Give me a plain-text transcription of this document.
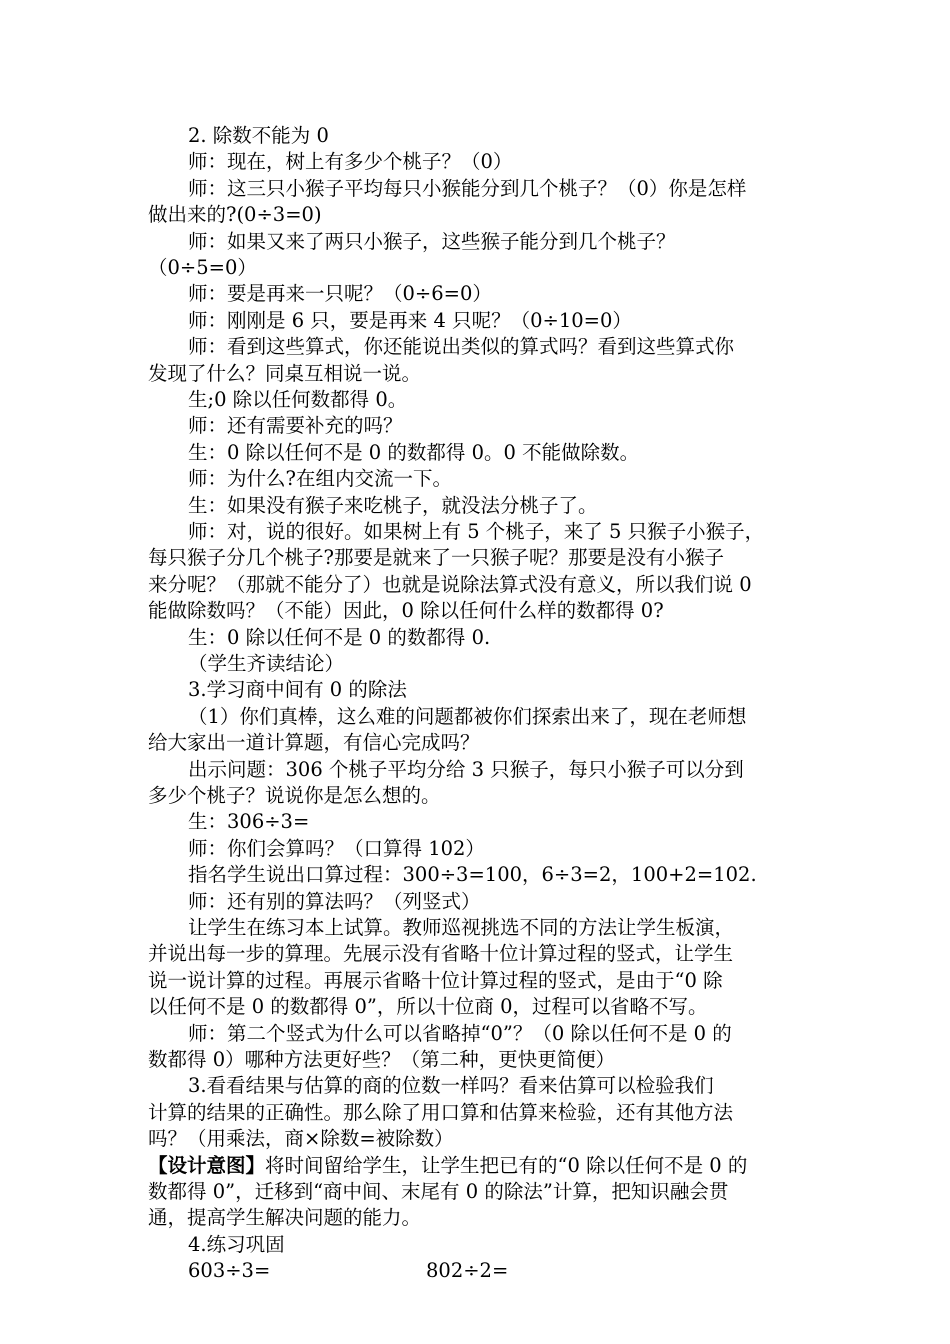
2. 除数不能为 0
师：现在，树上有多少个桃子？（0）
师：这三只小猴子平均每只小猴能分到几个桃子？（0）你是怎样
做出来的?(0÷3=0)
师：如果又来了两只小猴子，这些猴子能分到几个桃子？
（0÷5=0）
师：要是再来一只呢？（0÷6=0）
师：刚刚是 6 只，要是再来 4 只呢？（0÷10=0）
师：看到这些算式，你还能说出类似的算式吗？看到这些算式你
发现了什么？同桌互相说一说。
生;0 除以任何数都得 0。
师：还有需要补充的吗？
生：0 除以任何不是 0 的数都得 0。0 不能做除数。
师：为什么?在组内交流一下。
生：如果没有猴子来吃桃子，就没法分桃子了。
师：对，说的很好。如果树上有 5 个桃子，来了 5 只猴子小猴子，
每只猴子分几个桃子?那要是就来了一只猴子呢？那要是没有小猴子
来分呢？（那就不能分了）也就是说除法算式没有意义，所以我们说 0
能做除数吗？（不能）因此，0 除以任何什么样的数都得 0?
生：0 除以任何不是 0 的数都得 0.
（学生齐读结论）
3.学习商中间有 0 的除法
（1）你们真棒，这么难的问题都被你们探索出来了，现在老师想
给大家出一道计算题，有信心完成吗？
出示问题：306 个桃子平均分给 3 只猴子，每只小猴子可以分到
多少个桃子？说说你是怎么想的。
生：306÷3=
师：你们会算吗？（口算得 102）
指名学生说出口算过程：300÷3=100，6÷3=2，100+2=102.
师：还有别的算法吗？（列竖式）
让学生在练习本上试算。教师巡视挑选不同的方法让学生板演，
并说出每一步的算理。先展示没有省略十位计算过程的竖式，让学生
说一说计算的过程。再展示省略十位计算过程的竖式，是由于“0 除
以任何不是 0 的数都得 0”，所以十位商 0，过程可以省略不写。
师：第二个竖式为什么可以省略掉“0”？（0 除以任何不是 0 的
数都得 0）哪种方法更好些？（第二种，更快更简便）
3.看看结果与估算的商的位数一样吗？看来估算可以检验我们
计算的结果的正确性。那么除了用口算和估算来检验，还有其他方法
吗？（用乘法，商×除数=被除数）
【设计意图】将时间留给学生，让学生把已有的“0 除以任何不是 0 的
数都得 0”，迁移到“商中间、末尾有 0 的除法”计算，把知识融会贯
通，提高学生解决问题的能力。
4.练习巩固
603÷3=	802÷2=
